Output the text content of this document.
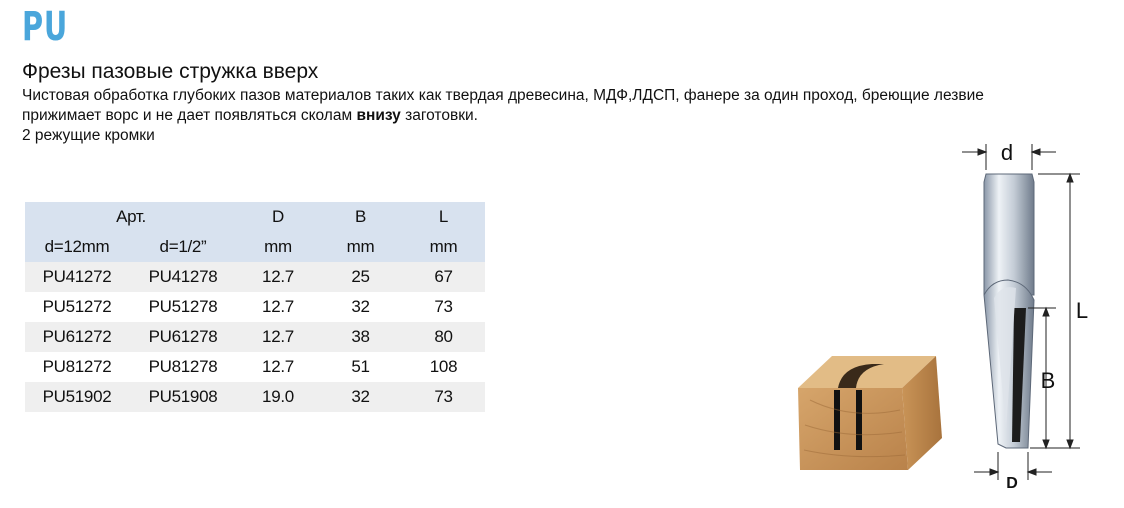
PU
Фрезы пазовые стружка вверх
Чистовая обработка глубоких пазов материалов таких как твердая древесина, МДФ,ЛДСП, фанере за один проход, бреющие лезвие
прижимает ворс и не дает появляться сколам внизу заготовки.
2 режущие кромки
Арт.		D	B	L
d=12mm	d=1/2”	mm	mm	mm
PU41272	PU41278	12.7	25	67
PU51272	PU51278	12.7	32	73
PU61272	PU61278	12.7	38	80
PU81272	PU81278	12.7	51	108
PU51902	PU51908	19.0	32	73
d
L
B
D
